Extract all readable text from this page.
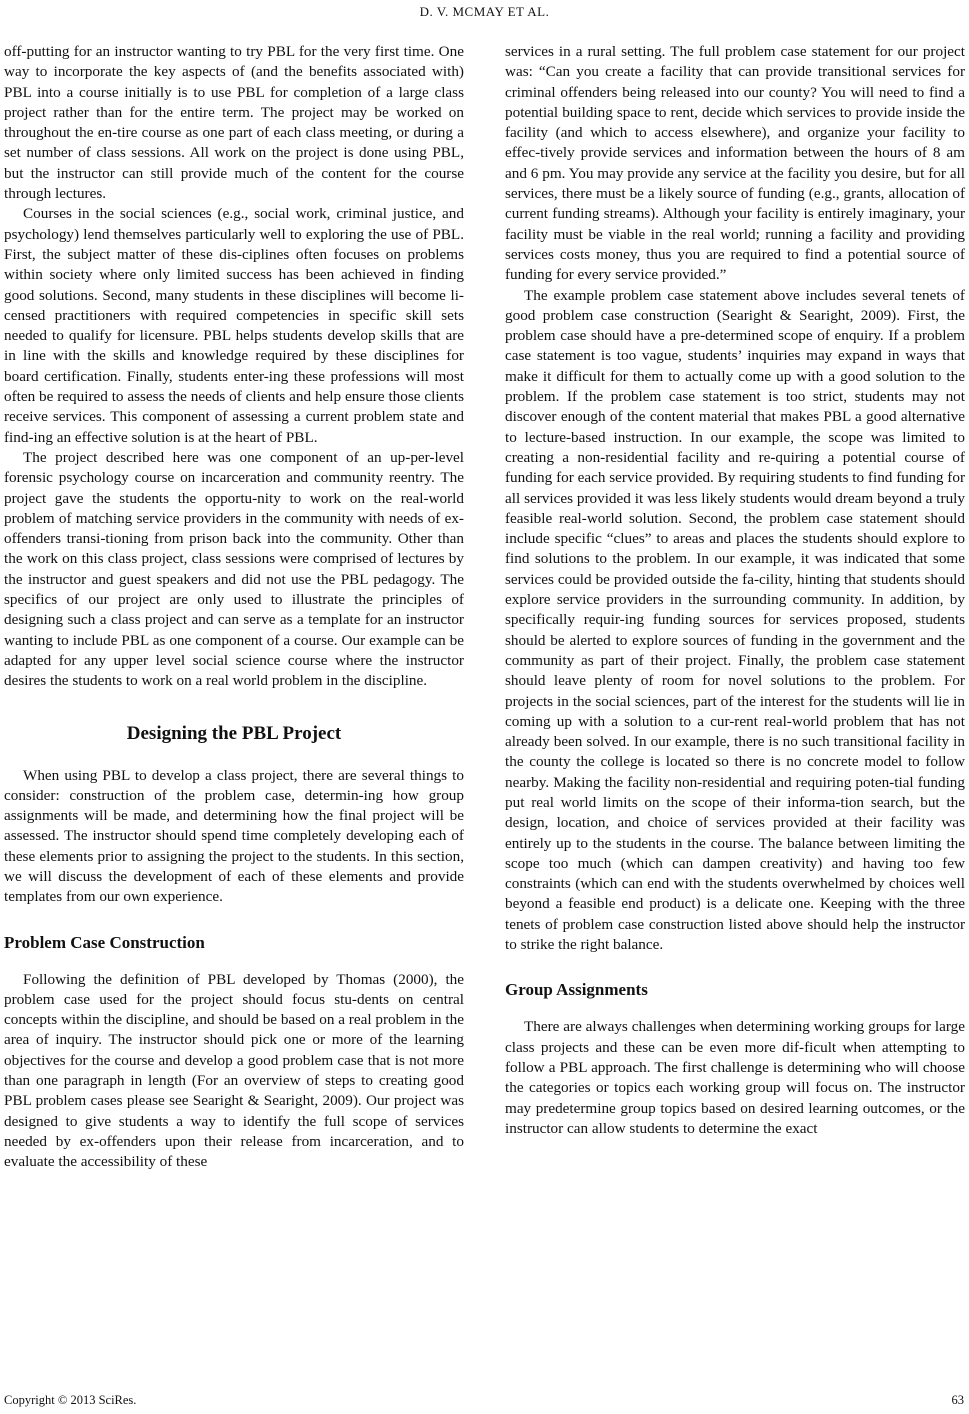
D. V. MCMAY ET AL.

off-putting for an instructor wanting to try PBL for the very first time. One way to incorporate the key aspects of (and the benefits associated with) PBL into a course initially is to use PBL for completion of a large class project rather than for the entire term. The project may be worked on throughout the en-tire course as one part of each class meeting, or during a set number of class sessions. All work on the project is done using PBL, but the instructor can still provide much of the content for the course through lectures.

Courses in the social sciences (e.g., social work, criminal justice, and psychology) lend themselves particularly well to exploring the use of PBL. First, the subject matter of these dis-ciplines often focuses on problems within society where only limited success has been achieved in finding good solutions. Second, many students in these disciplines will become li-censed practitioners with required competencies in specific skill sets needed to qualify for licensure. PBL helps students develop skills that are in line with the skills and knowledge required by these disciplines for board certification. Finally, students enter-ing these professions will most often be required to assess the needs of clients and help ensure those clients receive services. This component of assessing a current problem state and find-ing an effective solution is at the heart of PBL.

The project described here was one component of an up-per-level forensic psychology course on incarceration and community reentry. The project gave the students the opportu-nity to work on the real-world problem of matching service providers in the community with needs of ex-offenders transi-tioning from prison back into the community. Other than the work on this class project, class sessions were comprised of lectures by the instructor and guest speakers and did not use the PBL pedagogy. The specifics of our project are only used to illustrate the principles of designing such a class project and can serve as a template for an instructor wanting to include PBL as one component of a course. Our example can be adapted for any upper level social science course where the instructor desires the students to work on a real world problem in the discipline.

Designing the PBL Project

When using PBL to develop a class project, there are several things to consider: construction of the problem case, determin-ing how group assignments will be made, and determining how the final project will be assessed. The instructor should spend time completely developing each of these elements prior to assigning the project to the students. In this section, we will discuss the development of each of these elements and provide templates from our own experience.

Problem Case Construction

Following the definition of PBL developed by Thomas (2000), the problem case used for the project should focus stu-dents on central concepts within the discipline, and should be based on a real problem in the area of inquiry. The instructor should pick one or more of the learning objectives for the course and develop a good problem case that is not more than one paragraph in length (For an overview of steps to creating good PBL problem cases please see Searight & Searight, 2009). Our project was designed to give students a way to identify the full scope of services needed by ex-offenders upon their release from incarceration, and to evaluate the accessibility of these

services in a rural setting. The full problem case statement for our project was: “Can you create a facility that can provide transitional services for criminal offenders being released into our county? You will need to find a potential building space to rent, decide which services to provide inside the facility (and which to access elsewhere), and organize your facility to effec-tively provide services and information between the hours of 8 am and 6 pm. You may provide any service at the facility you desire, but for all services, there must be a likely source of funding (e.g., grants, allocation of current funding streams). Although your facility is entirely imaginary, your facility must be viable in the real world; running a facility and providing services costs money, thus you are required to find a potential source of funding for every service provided.”

The example problem case statement above includes several tenets of good problem case construction (Searight & Searight, 2009). First, the problem case should have a pre-determined scope of enquiry. If a problem case statement is too vague, students’ inquiries may expand in ways that make it difficult for them to actually come up with a good solution to the problem. If the problem case statement is too strict, students may not discover enough of the content material that makes PBL a good alternative to lecture-based instruction. In our example, the scope was limited to creating a non-residential facility and re-quiring a potential course of funding for each service provided. By requiring students to find funding for all services provided it was less likely students would dream beyond a truly feasible real-world solution. Second, the problem case statement should include specific “clues” to areas and places the students should explore to find solutions to the problem. In our example, it was indicated that some services could be provided outside the fa-cility, hinting that students should explore service providers in the surrounding community. In addition, by specifically requir-ing funding sources for services proposed, students should be alerted to explore sources of funding in the government and the community as part of their project. Finally, the problem case statement should leave plenty of room for novel solutions to the problem. For projects in the social sciences, part of the interest for the students will lie in coming up with a solution to a cur-rent real-world problem that has not already been solved. In our example, there is no such transitional facility in the county the college is located so there is no concrete model to follow nearby. Making the facility non-residential and requiring poten-tial funding put real world limits on the scope of their informa-tion search, but the design, location, and choice of services provided at their facility was entirely up to the students in the course. The balance between limiting the scope too much (which can dampen creativity) and having too few constraints (which can end with the students overwhelmed by choices well beyond a feasible end product) is a delicate one. Keeping with the three tenets of problem case construction listed above should help the instructor to strike the right balance.

Group Assignments

There are always challenges when determining working groups for large class projects and these can be even more dif-ficult when attempting to follow a PBL approach. The first challenge is determining who will choose the categories or topics each working group will focus on. The instructor may predetermine group topics based on desired learning outcomes, or the instructor can allow students to determine the exact

Copyright © 2013 SciRes.	63
